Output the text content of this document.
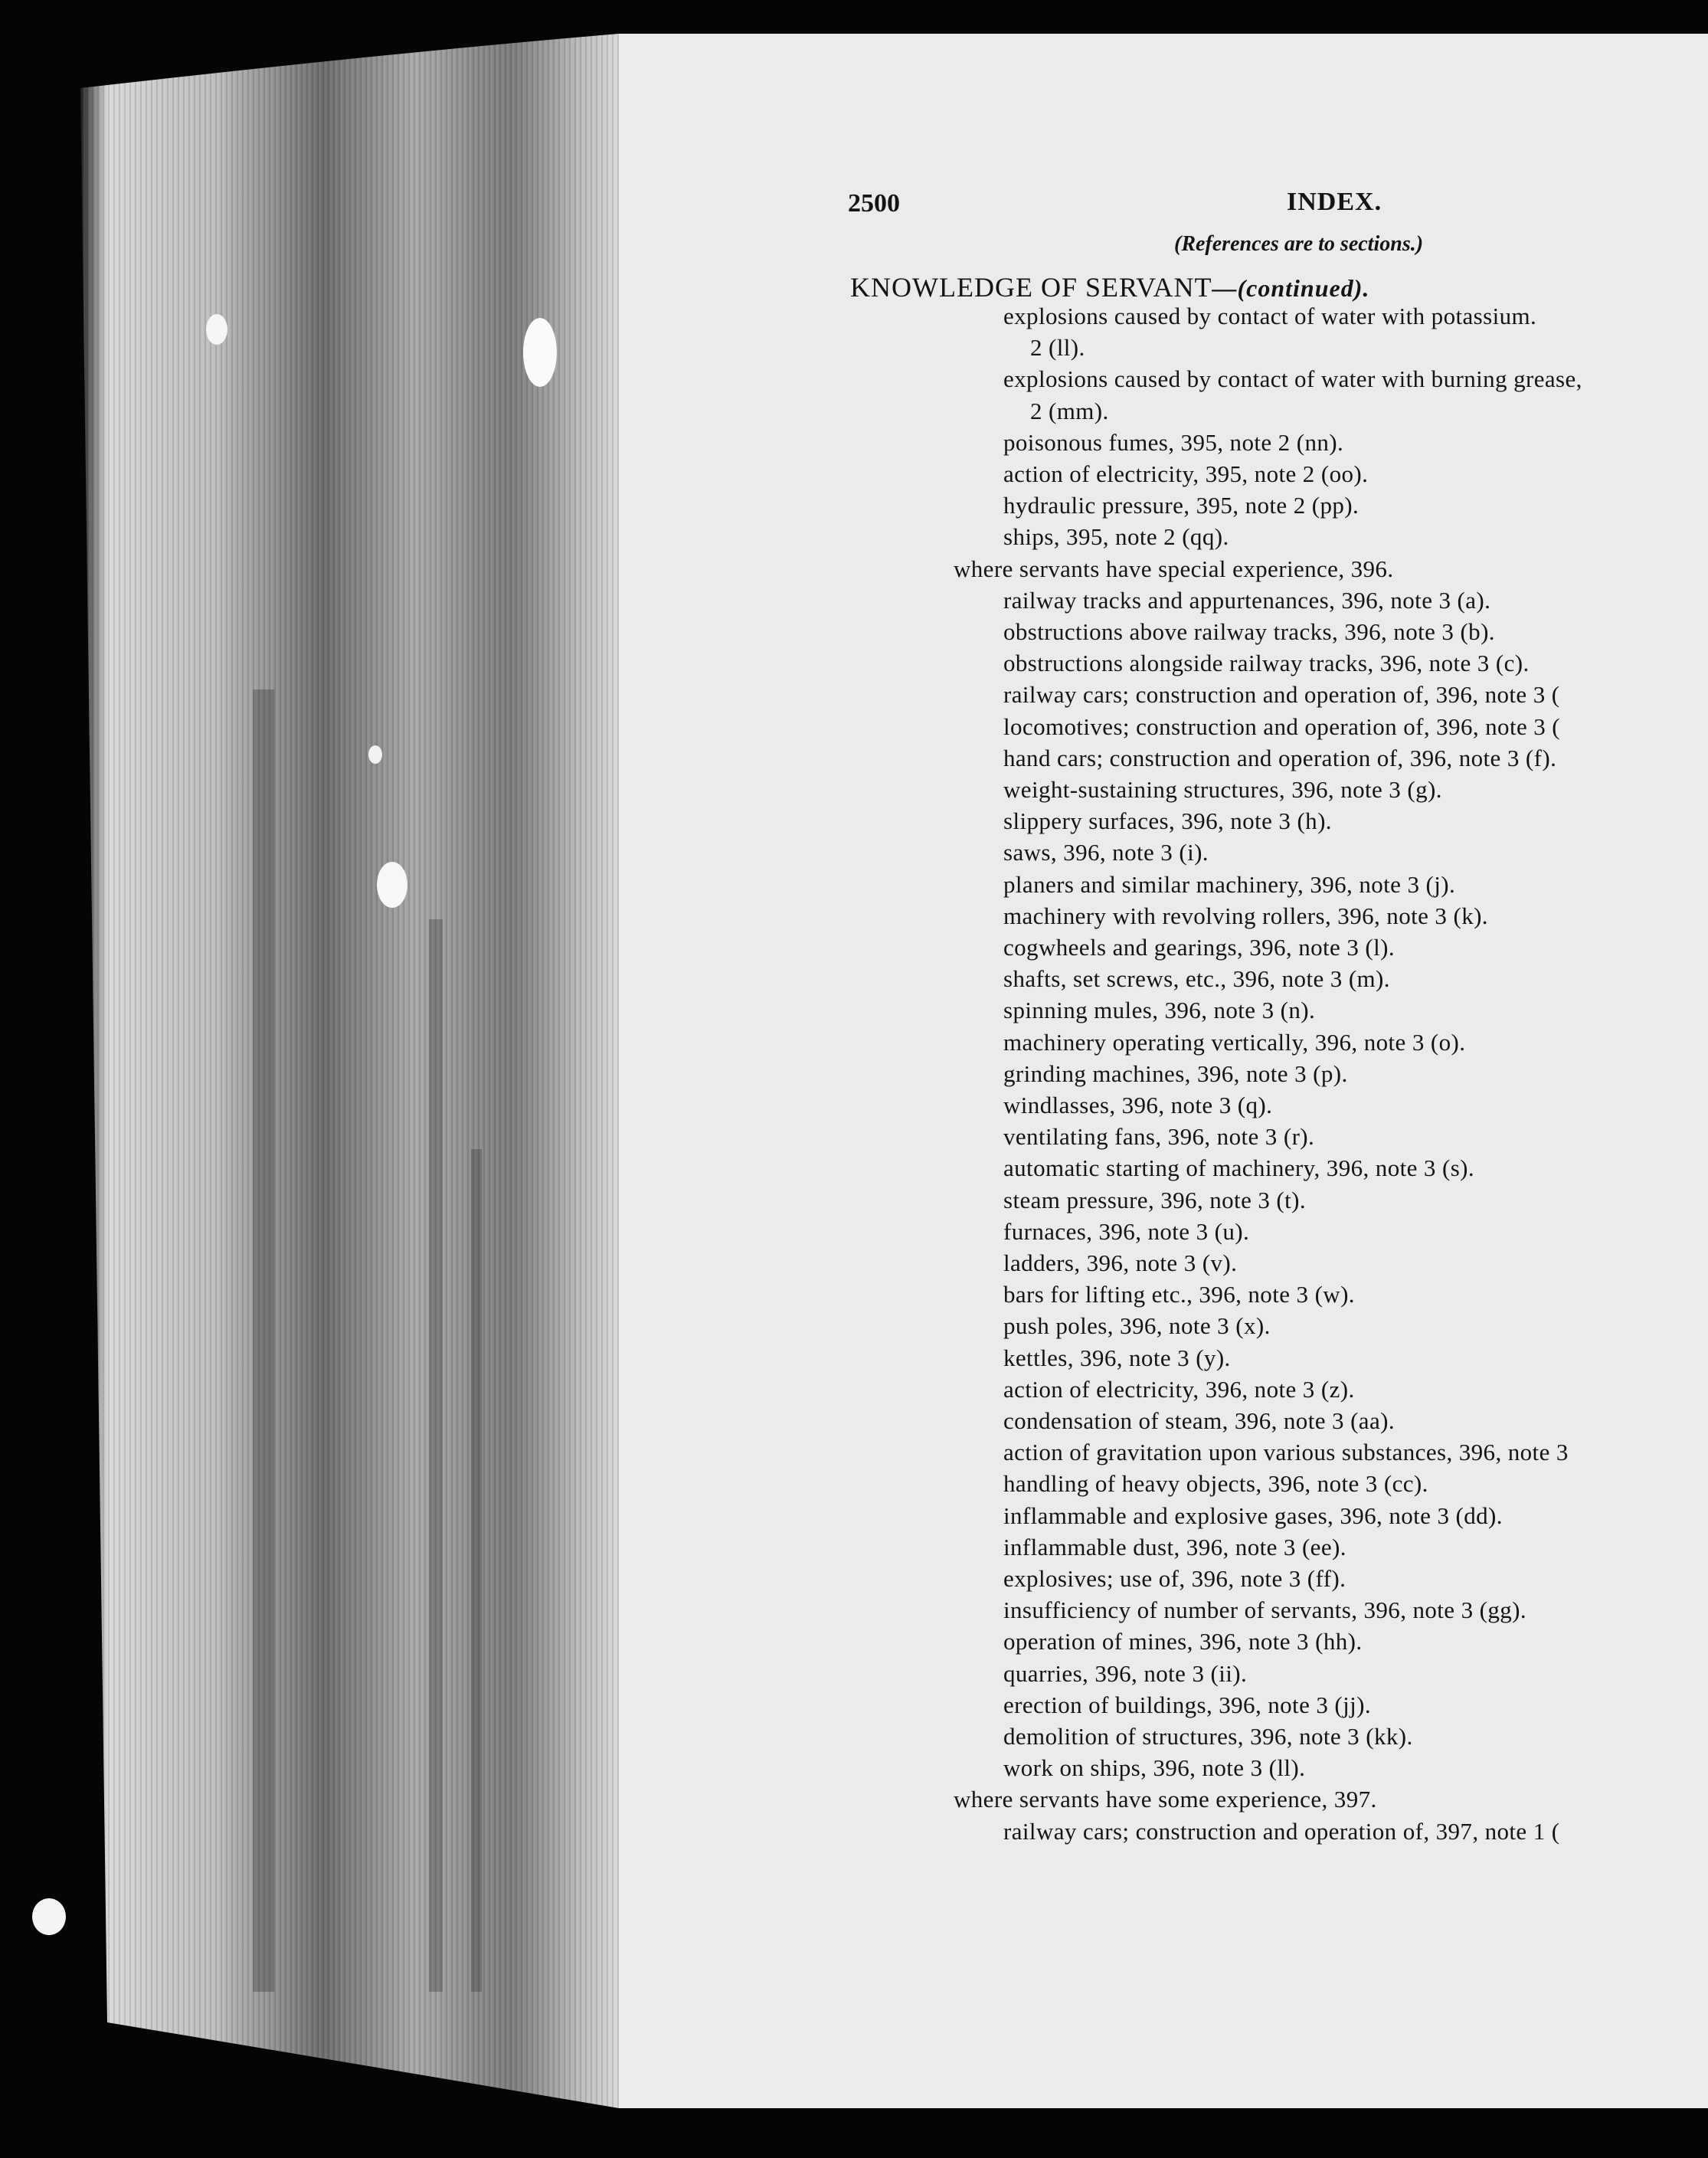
2500	INDEX.
(References are to sections.)
KNOWLEDGE OF SERVANT—(continued).
explosions caused by contact of water with potassium.
2 (ll).
explosions caused by contact of water with burning grease,
2 (mm).
poisonous fumes, 395, note 2 (nn).
action of electricity, 395, note 2 (oo).
hydraulic pressure, 395, note 2 (pp).
ships, 395, note 2 (qq).
where servants have special experience, 396.
railway tracks and appurtenances, 396, note 3 (a).
obstructions above railway tracks, 396, note 3 (b).
obstructions alongside railway tracks, 396, note 3 (c).
railway cars; construction and operation of, 396, note 3 (
locomotives; construction and operation of, 396, note 3 (
hand cars; construction and operation of, 396, note 3 (f).
weight-sustaining structures, 396, note 3 (g).
slippery surfaces, 396, note 3 (h).
saws, 396, note 3 (i).
planers and similar machinery, 396, note 3 (j).
machinery with revolving rollers, 396, note 3 (k).
cogwheels and gearings, 396, note 3 (l).
shafts, set screws, etc., 396, note 3 (m).
spinning mules, 396, note 3 (n).
machinery operating vertically, 396, note 3 (o).
grinding machines, 396, note 3 (p).
windlasses, 396, note 3 (q).
ventilating fans, 396, note 3 (r).
automatic starting of machinery, 396, note 3 (s).
steam pressure, 396, note 3 (t).
furnaces, 396, note 3 (u).
ladders, 396, note 3 (v).
bars for lifting etc., 396, note 3 (w).
push poles, 396, note 3 (x).
kettles, 396, note 3 (y).
action of electricity, 396, note 3 (z).
condensation of steam, 396, note 3 (aa).
action of gravitation upon various substances, 396, note 3
handling of heavy objects, 396, note 3 (cc).
inflammable and explosive gases, 396, note 3 (dd).
inflammable dust, 396, note 3 (ee).
explosives; use of, 396, note 3 (ff).
insufficiency of number of servants, 396, note 3 (gg).
operation of mines, 396, note 3 (hh).
quarries, 396, note 3 (ii).
erection of buildings, 396, note 3 (jj).
demolition of structures, 396, note 3 (kk).
work on ships, 396, note 3 (ll).
where servants have some experience, 397.
railway cars; construction and operation of, 397, note 1 (
